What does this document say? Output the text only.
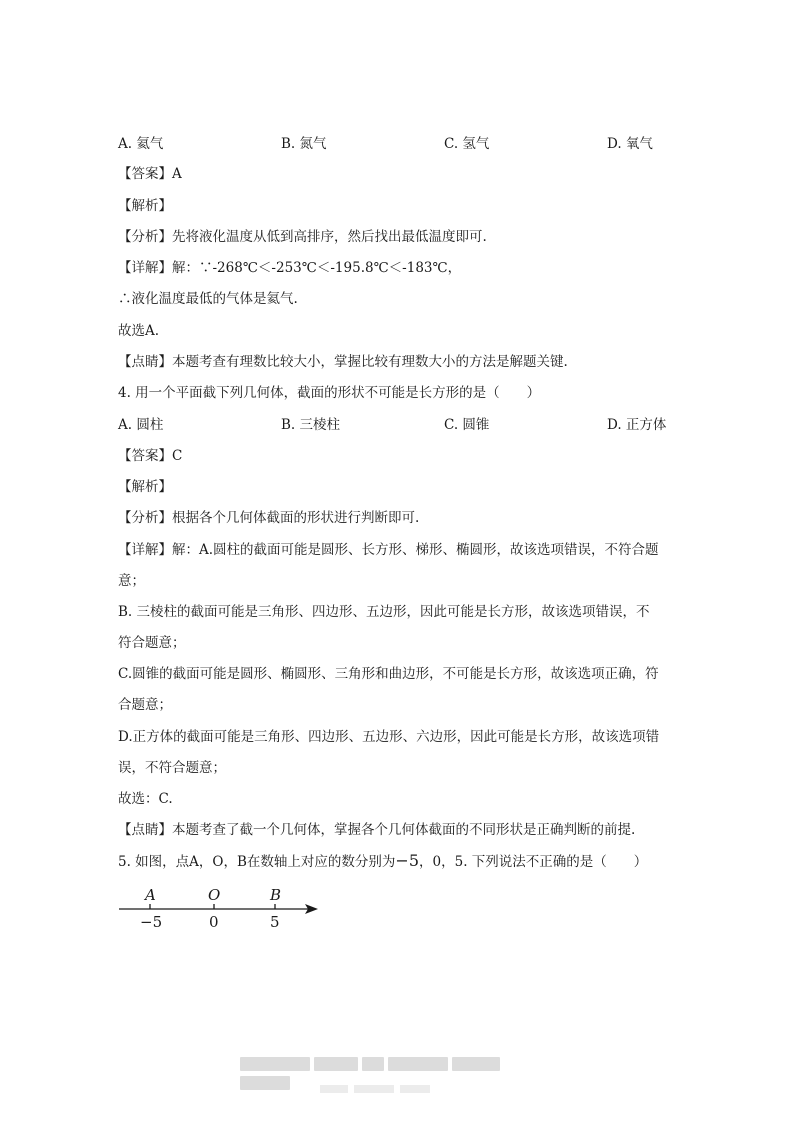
A. 氦气	B. 氮气	C. 氢气	D. 氧气
【答案】A
【解析】
【分析】先将液化温度从低到高排序，然后找出最低温度即可.
【详解】解：∵-268℃＜-253℃＜-195.8℃＜-183℃，
∴液化温度最低的气体是氦气.
故选A.
【点睛】本题考查有理数比较大小，掌握比较有理数大小的方法是解题关键.
4. 用一个平面截下列几何体，截面的形状不可能是长方形的是（　　）
A. 圆柱	B. 三棱柱	C. 圆锥	D. 正方体
【答案】C
【解析】
【分析】根据各个几何体截面的形状进行判断即可.
【详解】解：A.圆柱的截面可能是圆形、长方形、梯形、椭圆形，故该选项错误，不符合题
意；
B. 三棱柱的截面可能是三角形、四边形、五边形，因此可能是长方形，故该选项错误，不
符合题意；
C.圆锥的截面可能是圆形、椭圆形、三角形和曲边形，不可能是长方形，故该选项正确，符
合题意；
D.正方体的截面可能是三角形、四边形、五边形、六边形，因此可能是长方形，故该选项错
误，不符合题意；
故选：C.
【点睛】本题考查了截一个几何体，掌握各个几何体截面的不同形状是正确判断的前提.
5. 如图，点A，O，B在数轴上对应的数分别为−5，0，5. 下列说法不正确的是（　　）
A	O	B
−5	0	5
